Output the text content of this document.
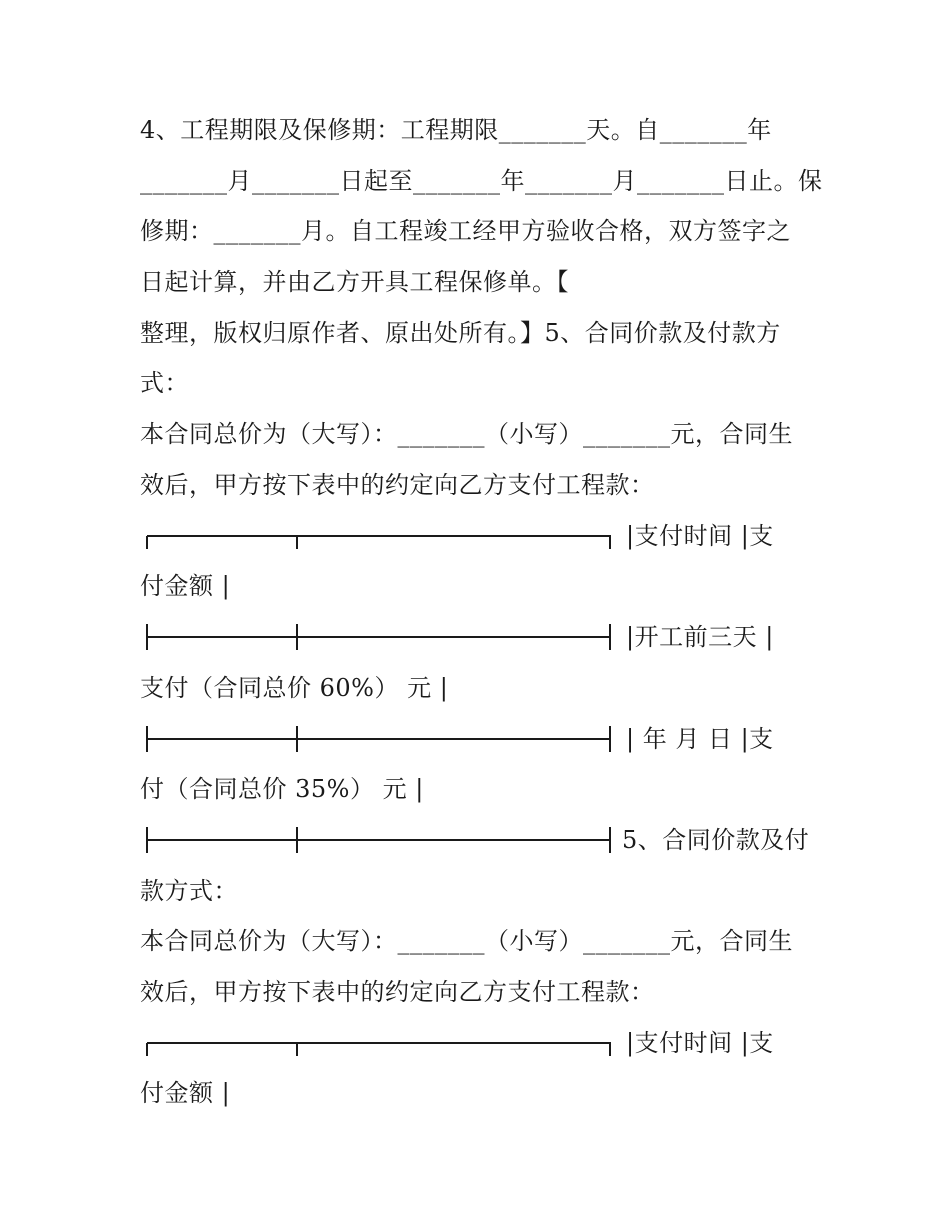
4、工程期限及保修期：工程期限_______天。自_______年
_______月_______日起至_______年_______月_______日止。保
修期：_______月。自工程竣工经甲方验收合格，双方签字之
日起计算，并由乙方开具工程保修单。【
整理，版权归原作者、原出处所有。】5、合同价款及付款方
式：
本合同总价为（大写）：_______（小写）_______元，合同生
效后，甲方按下表中的约定向乙方支付工程款：
|支付时间 |支
付金额 |
|开工前三天 |
支付（合同总价 60%） 元 |
| 年 月 日 |支
付（合同总价 35%） 元 |
5、合同价款及付
款方式：
本合同总价为（大写）：_______（小写）_______元，合同生
效后，甲方按下表中的约定向乙方支付工程款：
|支付时间 |支
付金额 |
